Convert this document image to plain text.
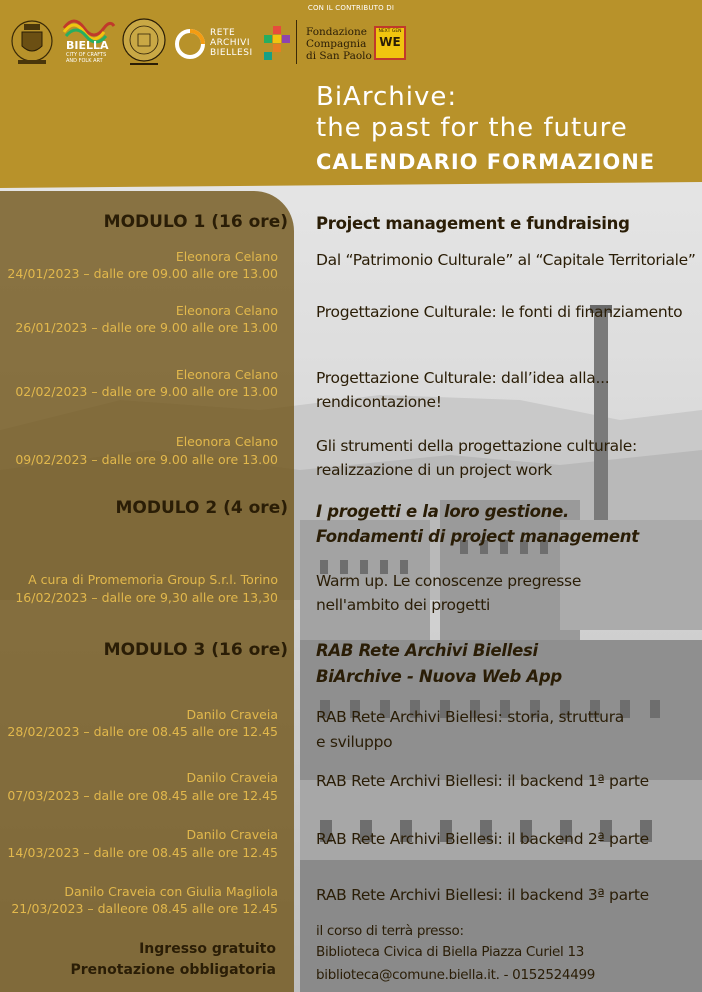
CON IL CONTRIBUTO DI
BIELLA
CITY OF CRAFTS
AND FOLK ART
RETE
ARCHIVI
BIELLESI
Fondazione
Compagnia
di San Paolo
NEXT GEN
WE
BiArchive:
the past for the future
CALENDARIO FORMAZIONE
MODULO 1 (16 ore)
Eleonora Celano
24/01/2023 – dalle ore 09.00 alle ore 13.00
Eleonora Celano
26/01/2023 – dalle ore 9.00 alle ore 13.00
Eleonora Celano
02/02/2023 – dalle ore 9.00 alle ore 13.00
Eleonora Celano
09/02/2023 – dalle ore 9.00 alle ore 13.00
MODULO 2 (4 ore)
A cura di Promemoria Group S.r.l. Torino
16/02/2023 – dalle ore 9,30 alle ore 13,30
MODULO 3 (16 ore)
Danilo Craveia
28/02/2023 – dalle ore 08.45 alle ore 12.45
Danilo Craveia
07/03/2023 – dalle ore 08.45 alle ore 12.45
Danilo Craveia
14/03/2023 – dalle ore 08.45 alle ore 12.45
Danilo Craveia con Giulia Magliola
21/03/2023 – dalleore 08.45 alle ore 12.45
Ingresso gratuito
Prenotazione obbligatoria
Project management e fundraising
Dal “Patrimonio Culturale” al “Capitale Territoriale”
Progettazione Culturale: le fonti di finanziamento
Progettazione Culturale: dall’idea alla...
rendicontazione!
Gli strumenti della progettazione culturale:
realizzazione di un project work
I progetti e la loro gestione.
Fondamenti di project management
Warm up. Le conoscenze pregresse
nell'ambito dei progetti
RAB Rete Archivi Biellesi
BiArchive - Nuova Web App
RAB Rete Archivi Biellesi: storia, struttura
e sviluppo
RAB Rete Archivi Biellesi: il backend 1ª parte
RAB Rete Archivi Biellesi: il backend 2ª parte
RAB Rete Archivi Biellesi: il backend 3ª parte
il corso di terrà presso:
Biblioteca Civica di Biella Piazza Curiel 13
biblioteca@comune.biella.it. - 0152524499
